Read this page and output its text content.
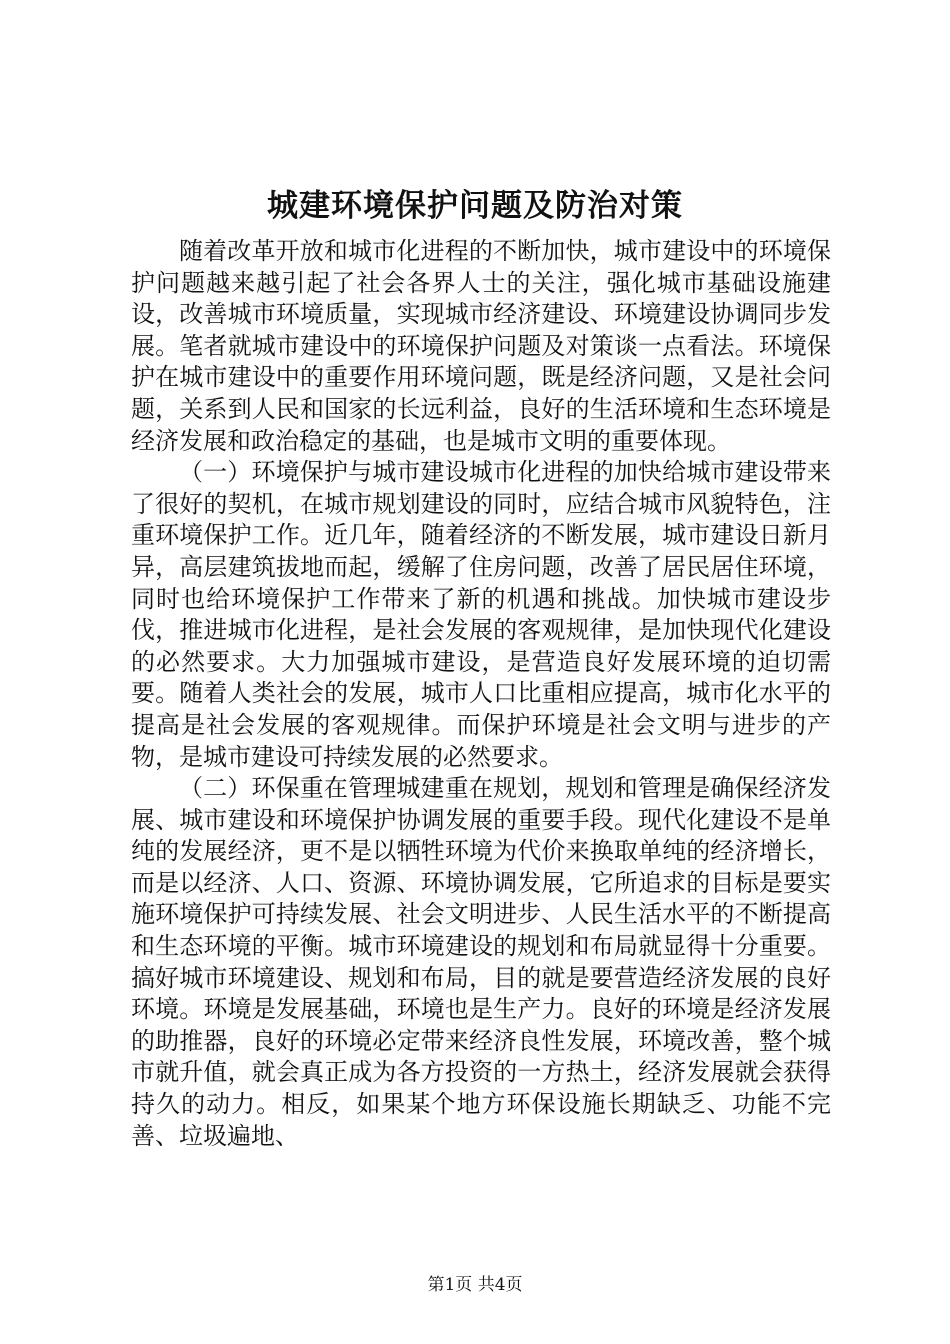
城建环境保护问题及防治对策

随着改革开放和城市化进程的不断加快，城市建设中的环境保护问题越来越引起了社会各界人士的关注，强化城市基础设施建设，改善城市环境质量，实现城市经济建设、环境建设协调同步发展。笔者就城市建设中的环境保护问题及对策谈一点看法。环境保护在城市建设中的重要作用环境问题，既是经济问题，又是社会问题，关系到人民和国家的长远利益，良好的生活环境和生态环境是经济发展和政治稳定的基础，也是城市文明的重要体现。

（一）环境保护与城市建设城市化进程的加快给城市建设带来了很好的契机，在城市规划建设的同时，应结合城市风貌特色，注重环境保护工作。近几年，随着经济的不断发展，城市建设日新月异，高层建筑拔地而起，缓解了住房问题，改善了居民居住环境，同时也给环境保护工作带来了新的机遇和挑战。加快城市建设步伐，推进城市化进程，是社会发展的客观规律，是加快现代化建设的必然要求。大力加强城市建设，是营造良好发展环境的迫切需要。随着人类社会的发展，城市人口比重相应提高，城市化水平的提高是社会发展的客观规律。而保护环境是社会文明与进步的产物，是城市建设可持续发展的必然要求。

（二）环保重在管理城建重在规划，规划和管理是确保经济发展、城市建设和环境保护协调发展的重要手段。现代化建设不是单纯的发展经济，更不是以牺牲环境为代价来换取单纯的经济增长，而是以经济、人口、资源、环境协调发展，它所追求的目标是要实施环境保护可持续发展、社会文明进步、人民生活水平的不断提高和生态环境的平衡。城市环境建设的规划和布局就显得十分重要。搞好城市环境建设、规划和布局，目的就是要营造经济发展的良好环境。环境是发展基础，环境也是生产力。良好的环境是经济发展的助推器，良好的环境必定带来经济良性发展，环境改善，整个城市就升值，就会真正成为各方投资的一方热土，经济发展就会获得持久的动力。相反，如果某个地方环保设施长期缺乏、功能不完善、垃圾遍地、

第1页 共4页
